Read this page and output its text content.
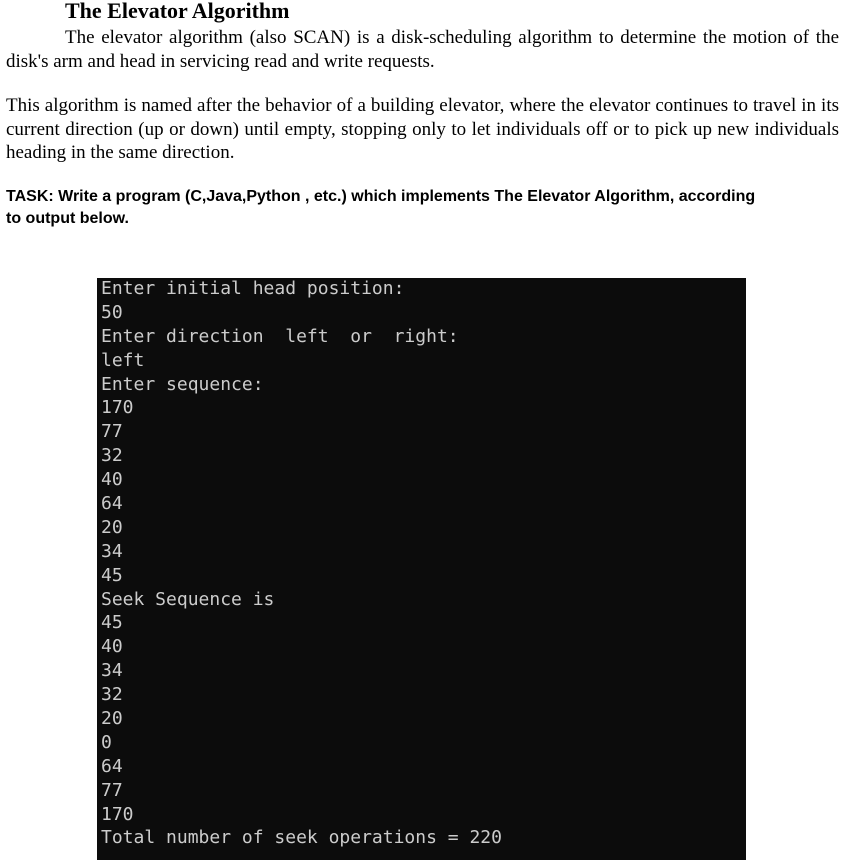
The Elevator Algorithm

The elevator algorithm (also SCAN) is a disk-scheduling algorithm to determine the motion of the disk's arm and head in servicing read and write requests.

This algorithm is named after the behavior of a building elevator, where the elevator continues to travel in its current direction (up or down) until empty, stopping only to let individuals off or to pick up new individuals heading in the same direction.

TASK: Write a program (C,Java,Python , etc.) which implements The Elevator Algorithm, according to output below.

Enter initial head position:
50
Enter direction  left  or  right:
left
Enter sequence:
170
77
32
40
64
20
34
45
Seek Sequence is
45
40
34
32
20
0
64
77
170
Total number of seek operations = 220
